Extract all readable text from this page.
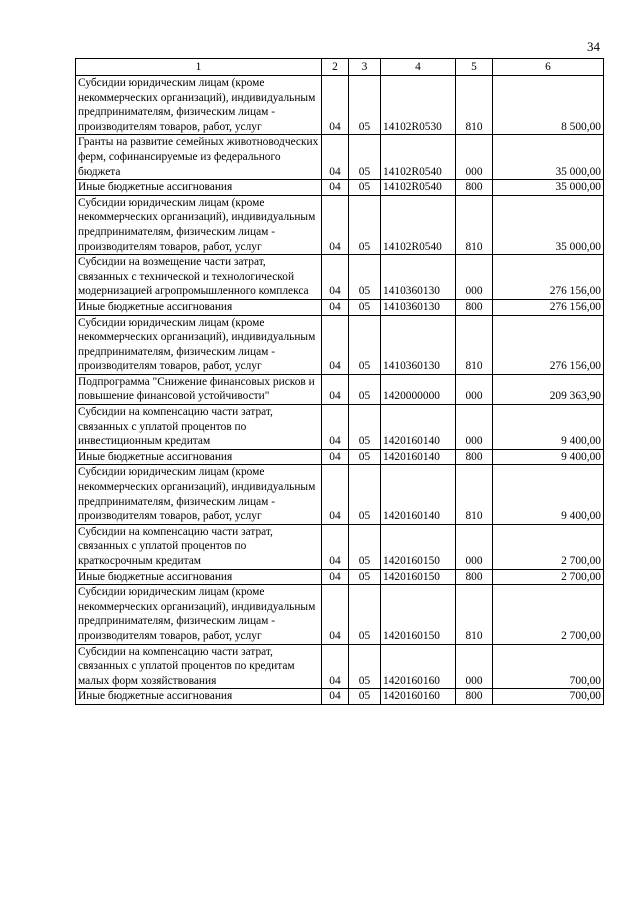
34
1	2	3	4	5	6
Субсидии юридическим лицам (кроме некоммерческих организаций), индивидуальным предпринимателям, физическим лицам - производителям товаров, работ, услуг	04	05	14102R0530	810	8 500,00
Гранты на развитие семейных животноводческих ферм, софинансируемые из федерального бюджета	04	05	14102R0540	000	35 000,00
Иные бюджетные ассигнования	04	05	14102R0540	800	35 000,00
Субсидии юридическим лицам (кроме некоммерческих организаций), индивидуальным предпринимателям, физическим лицам - производителям товаров, работ, услуг	04	05	14102R0540	810	35 000,00
Субсидии на возмещение части затрат, связанных с технической и технологической модернизацией агропромышленного комплекса	04	05	1410360130	000	276 156,00
Иные бюджетные ассигнования	04	05	1410360130	800	276 156,00
Субсидии юридическим лицам (кроме некоммерческих организаций), индивидуальным предпринимателям, физическим лицам - производителям товаров, работ, услуг	04	05	1410360130	810	276 156,00
Подпрограмма "Снижение финансовых рисков и повышение финансовой устойчивости"	04	05	1420000000	000	209 363,90
Субсидии на компенсацию части затрат, связанных с уплатой процентов по инвестиционным кредитам	04	05	1420160140	000	9 400,00
Иные бюджетные ассигнования	04	05	1420160140	800	9 400,00
Субсидии юридическим лицам (кроме некоммерческих организаций), индивидуальным предпринимателям, физическим лицам - производителям товаров, работ, услуг	04	05	1420160140	810	9 400,00
Субсидии на компенсацию части затрат, связанных с уплатой процентов по краткосрочным кредитам	04	05	1420160150	000	2 700,00
Иные бюджетные ассигнования	04	05	1420160150	800	2 700,00
Субсидии юридическим лицам (кроме некоммерческих организаций), индивидуальным предпринимателям, физическим лицам - производителям товаров, работ, услуг	04	05	1420160150	810	2 700,00
Субсидии на компенсацию части затрат, связанных с уплатой процентов по кредитам малых форм хозяйствования	04	05	1420160160	000	700,00
Иные бюджетные ассигнования	04	05	1420160160	800	700,00
